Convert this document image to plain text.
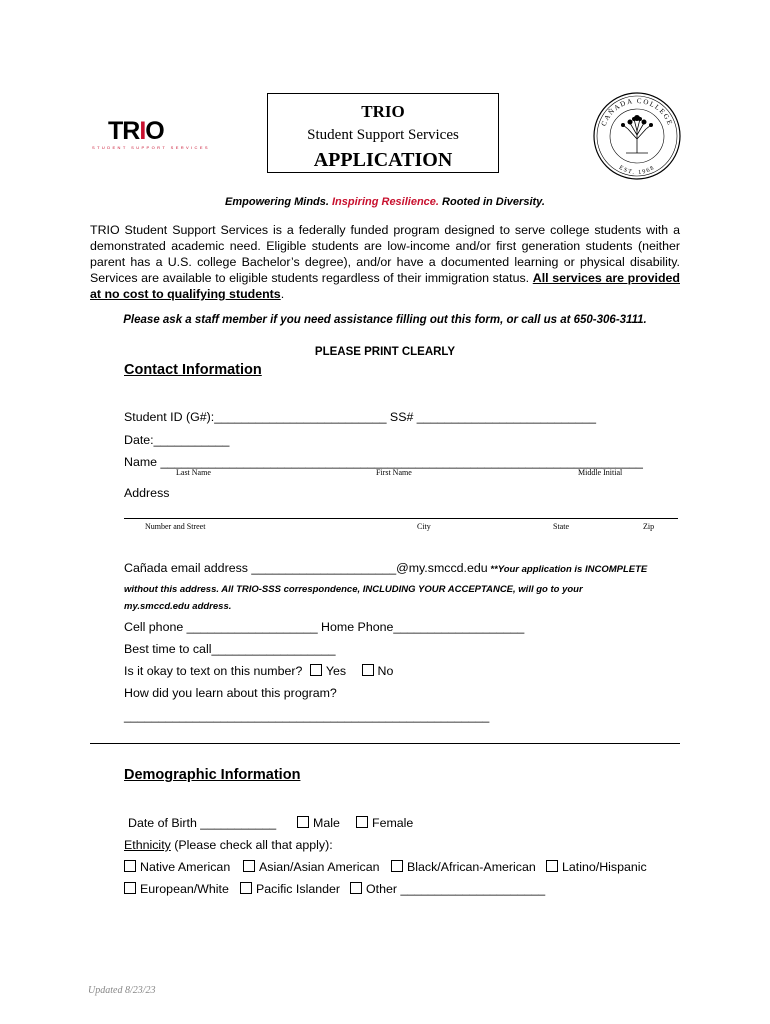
TRIO
STUDENT SUPPORT SERVICES
TRIO
Student Support Services
APPLICATION
CAÑADA COLLEGE
EST. 1968
Empowering Minds. Inspiring Resilience. Rooted in Diversity.
TRIO Student Support Services is a federally funded program designed to serve college students with a demonstrated academic need. Eligible students are low-income and/or first generation students (neither parent has a U.S. college Bachelor’s degree), and/or have a documented learning or physical disability. Services are available to eligible students regardless of their immigration status. All services are provided at no cost to qualifying students.
Please ask a staff member if you need assistance filling out this form, or call us at 650-306-3111.
PLEASE PRINT CLEARLY
Contact Information
Student ID (G#):_________________________ SS# __________________________
Date:___________
Name ______________________________________________________________________
Last Name	First Name	Middle Initial
Address
Number and Street	City	State	Zip
Cañada email address _____________________@my.smccd.edu **Your application is INCOMPLETE
without this address. All TRIO-SSS correspondence, INCLUDING YOUR ACCEPTANCE, will go to your
my.smccd.edu address.
Cell phone ___________________ Home Phone___________________
Best time to call__________________
Is it okay to text on this number? Yes	No
How did you learn about this program?
_____________________________________________________
Demographic Information
Date of Birth ___________	Male	Female
Ethnicity (Please check all that apply):
Native American	Asian/Asian American	Black/African-American	Latino/Hispanic
European/White	Pacific Islander	Other _____________________
Updated 8/23/23
